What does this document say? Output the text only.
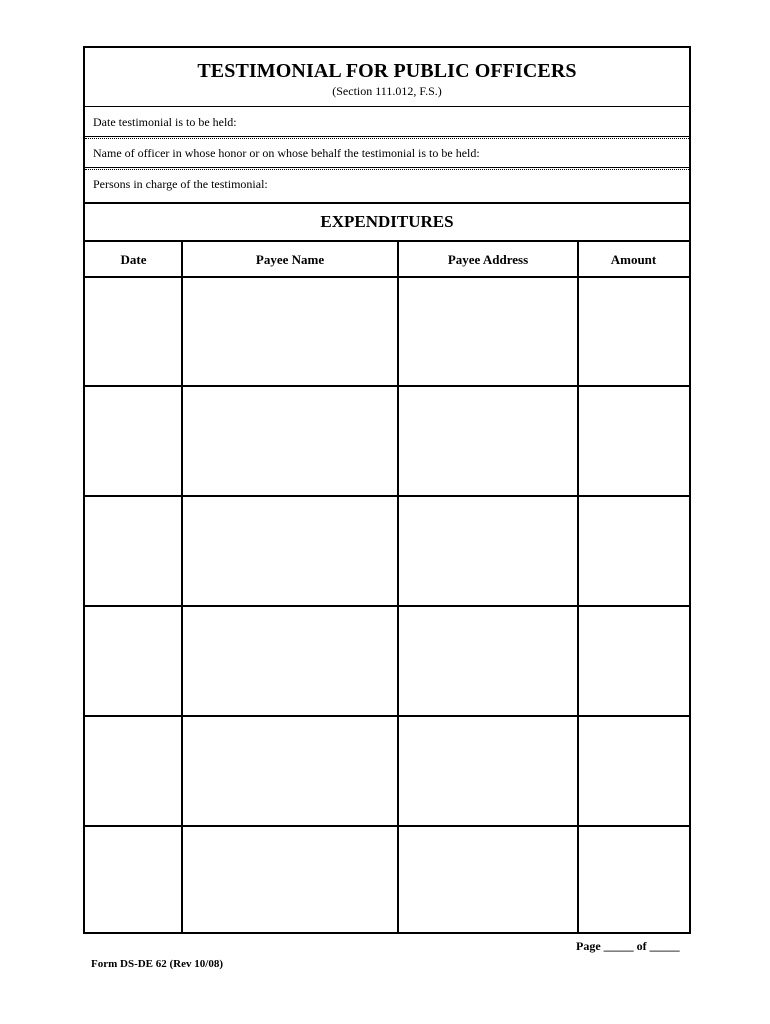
TESTIMONIAL FOR PUBLIC OFFICERS
(Section 111.012, F.S.)
Date testimonial is to be held:
Name of officer in whose honor or on whose behalf the testimonial is to be held:
Persons in charge of the testimonial:
EXPENDITURES
Date	Payee Name	Payee Address	Amount
Page _____ of _____
Form DS-DE 62 (Rev 10/08)
